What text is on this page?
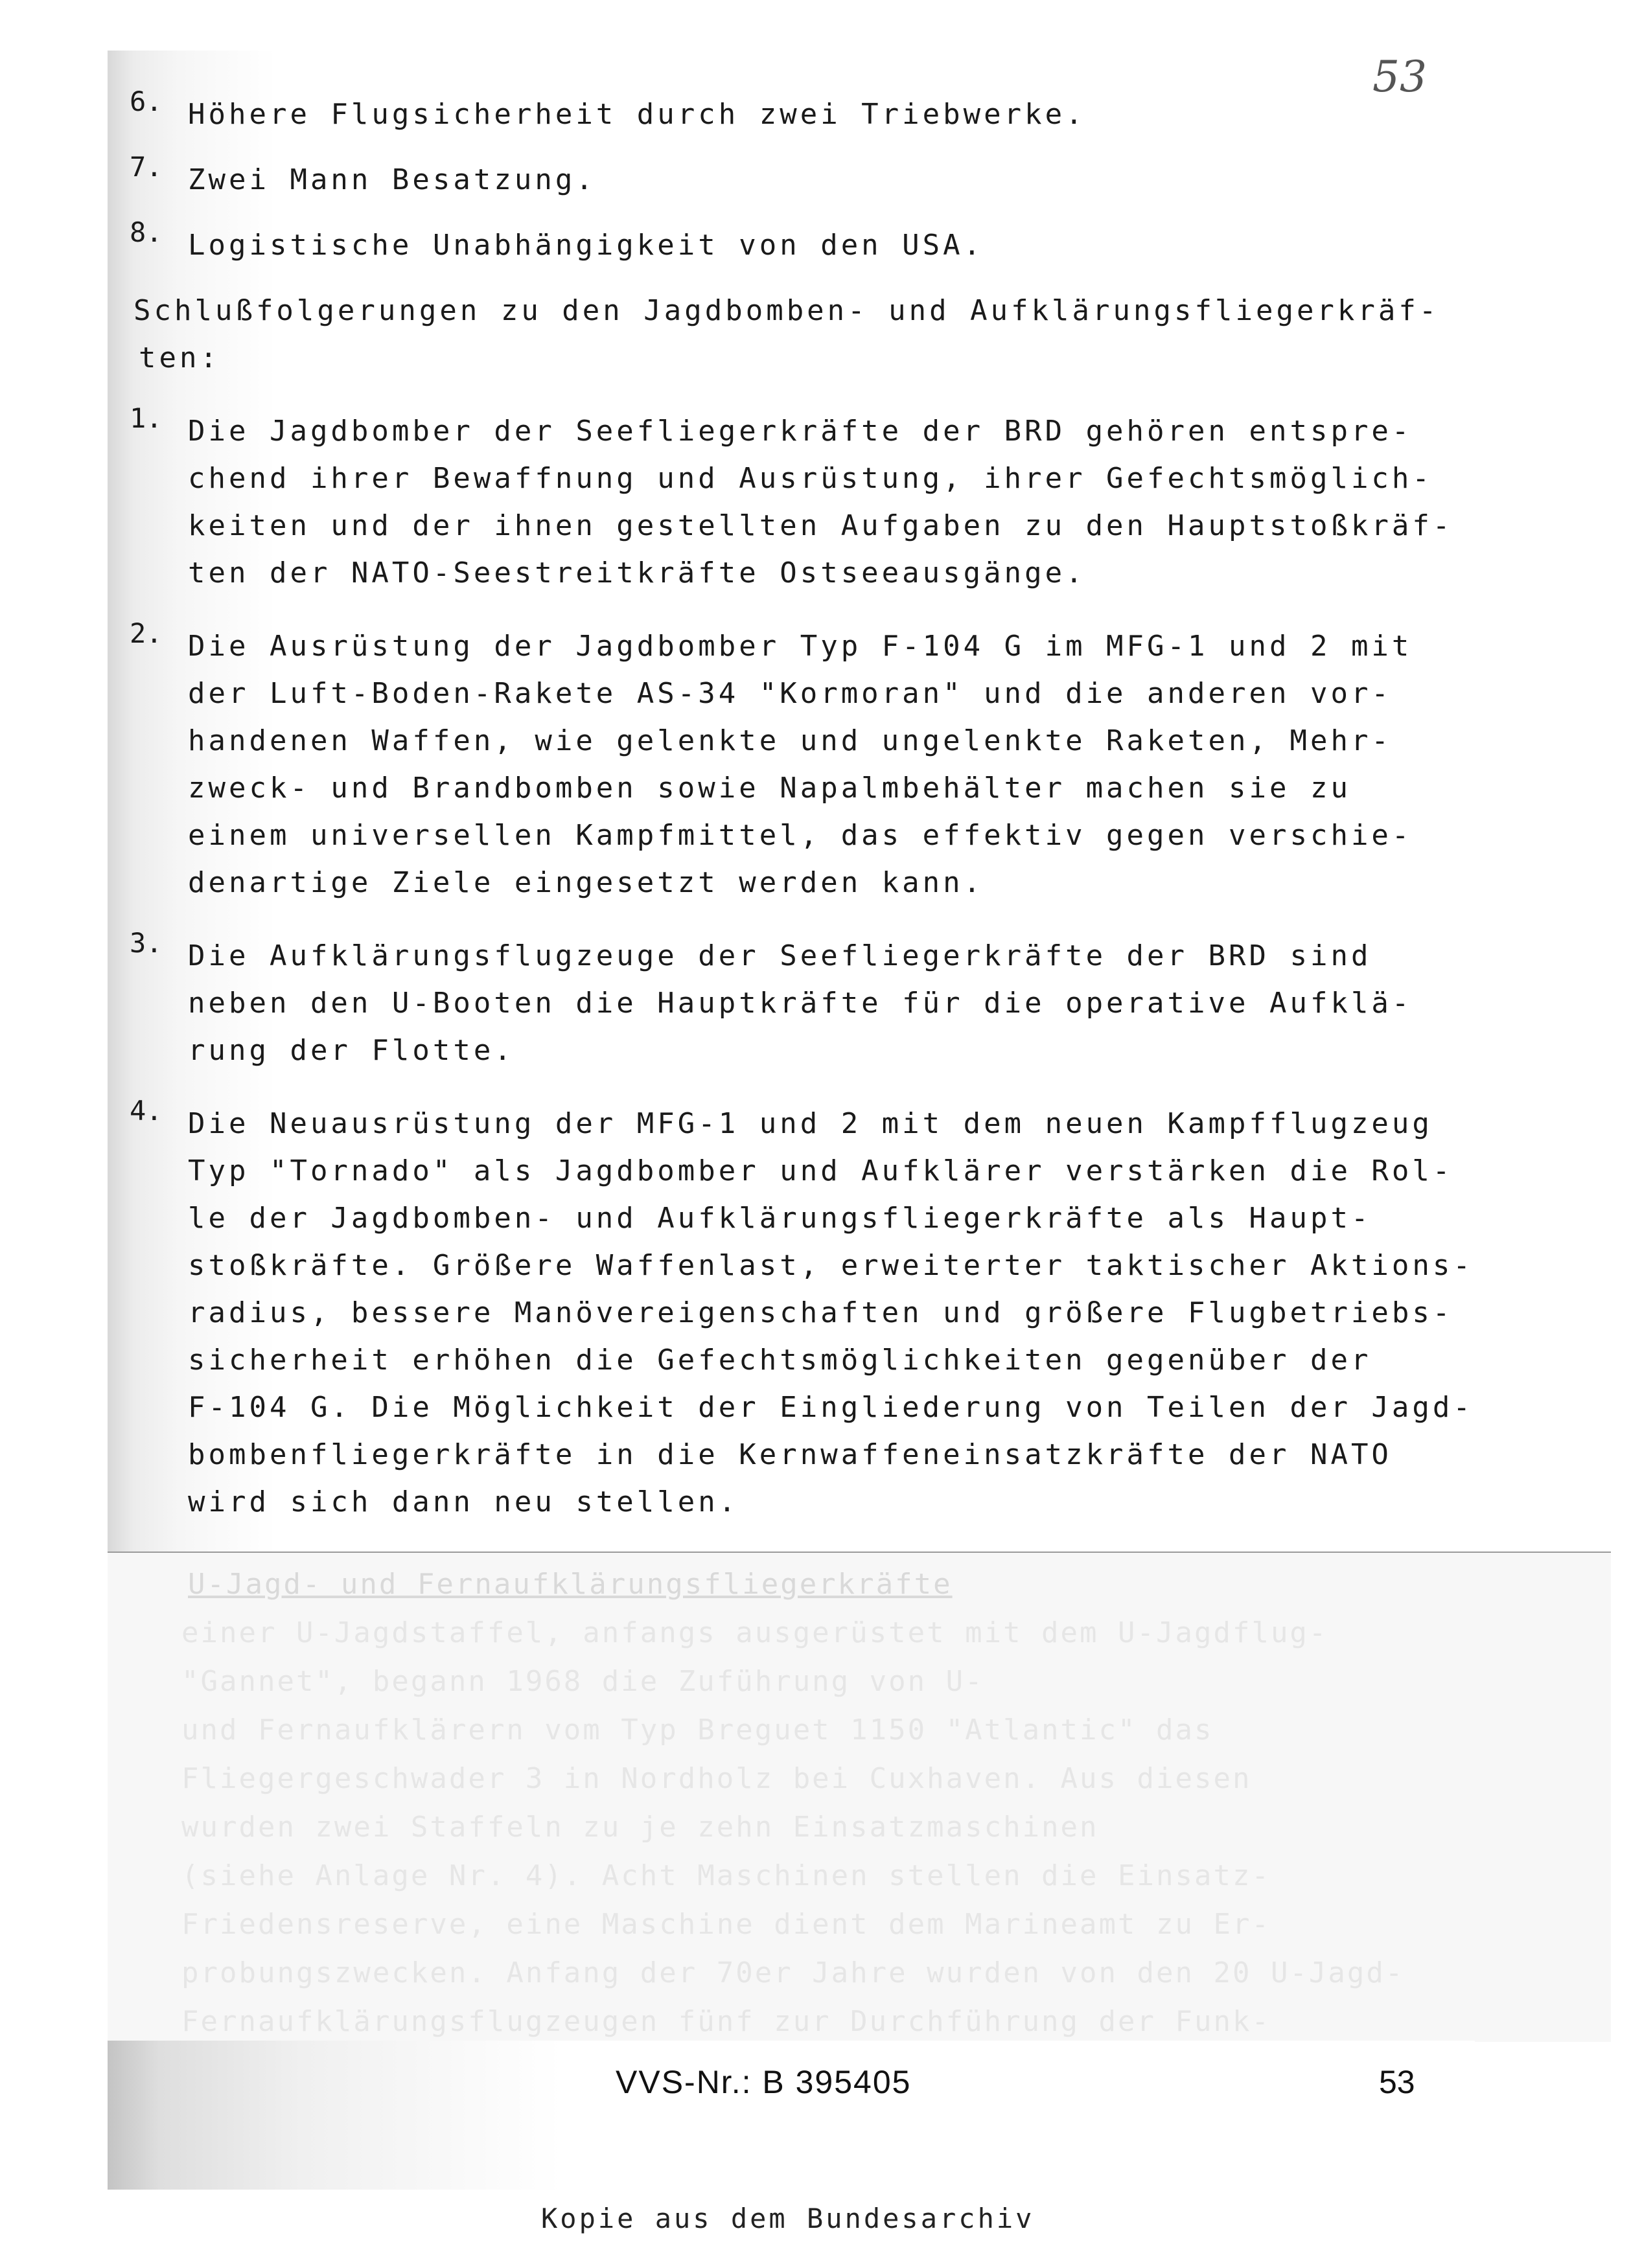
U-Jagd- und Fernaufklärungsfliegerkräfte
einer U-Jagdstaffel, anfangs ausgerüstet mit dem U-Jagdflug-
"Gannet", begann 1968 die Zuführung von U-
und Fernaufklärern vom Typ Breguet 1150 "Atlantic" das
Fliegergeschwader 3 in Nordholz bei Cuxhaven. Aus diesen
wurden zwei Staffeln zu je zehn Einsatzmaschinen
(siehe Anlage Nr. 4). Acht Maschinen stellen die Einsatz-
Friedensreserve, eine Maschine dient dem Marineamt zu Er-
probungszwecken. Anfang der 70er Jahre wurden von den 20 U-Jagd-
Fernaufklärungsflugzeugen fünf zur Durchführung der Funk-
53
6. Höhere Flugsicherheit durch zwei Triebwerke.
7. Zwei Mann Besatzung.
8. Logistische Unabhängigkeit von den USA.
Schlußfolgerungen zu den Jagdbomben- und Aufklärungsfliegerkräf-
ten:
1. Die Jagdbomber der Seefliegerkräfte der BRD gehören entspre-
chend ihrer Bewaffnung und Ausrüstung, ihrer Gefechtsmöglich-
keiten und der ihnen gestellten Aufgaben zu den Hauptstoßkräf-
ten der NATO-Seestreitkräfte Ostseeausgänge.
2. Die Ausrüstung der Jagdbomber Typ F-104 G im MFG-1 und 2 mit
der Luft-Boden-Rakete AS-34 "Kormoran" und die anderen vor-
handenen Waffen, wie gelenkte und ungelenkte Raketen, Mehr-
zweck- und Brandbomben sowie Napalmbehälter machen sie zu
einem universellen Kampfmittel, das effektiv gegen verschie-
denartige Ziele eingesetzt werden kann.
3. Die Aufklärungsflugzeuge der Seefliegerkräfte der BRD sind
neben den U-Booten die Hauptkräfte für die operative Aufklä-
rung der Flotte.
4. Die Neuausrüstung der MFG-1 und 2 mit dem neuen Kampfflugzeug
Typ "Tornado" als Jagdbomber und Aufklärer verstärken die Rol-
le der Jagdbomben- und Aufklärungsfliegerkräfte als Haupt-
stoßkräfte. Größere Waffenlast, erweiterter taktischer Aktions-
radius, bessere Manövereigenschaften und größere Flugbetriebs-
sicherheit erhöhen die Gefechtsmöglichkeiten gegenüber der
F-104 G. Die Möglichkeit der Eingliederung von Teilen der Jagd-
bombenfliegerkräfte in die Kernwaffeneinsatzkräfte der NATO
wird sich dann neu stellen.
VVS-Nr.: B 395405	53
Kopie aus dem Bundesarchiv
